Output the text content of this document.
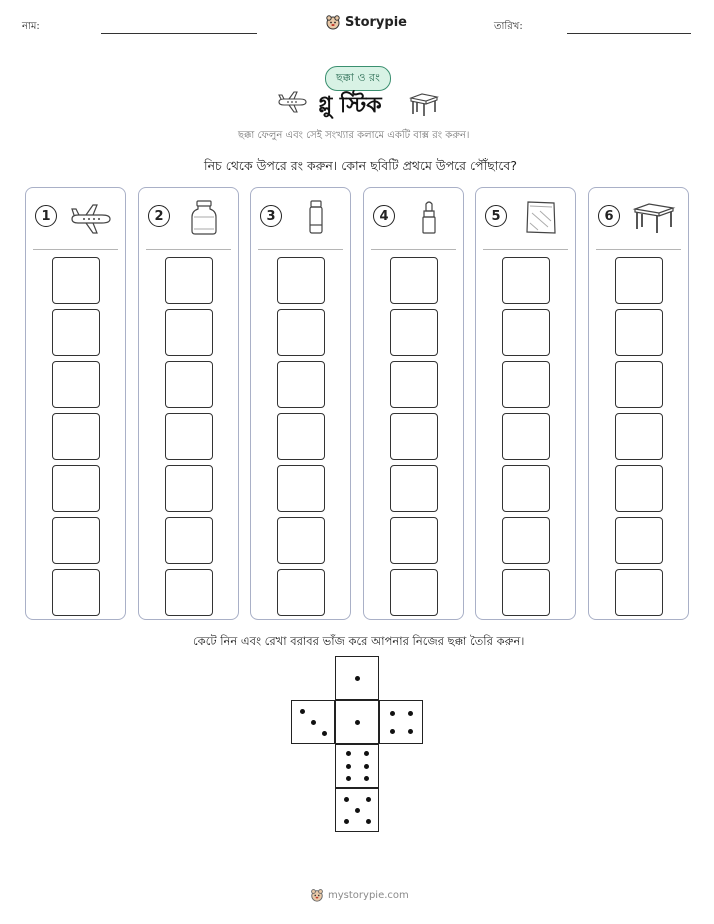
নাম:	Storypie	তারিখ:
ছক্কা ও রং
গ্লু স্টিক
ছক্কা ফেলুন এবং সেই সংখ্যার কলামে একটি বাক্স রং করুন।
নিচ থেকে উপরে রং করুন। কোন ছবিটি প্রথমে উপরে পৌঁছাবে?
1	2	3	4	5	6
কেটে নিন এবং রেখা বরাবর ভাঁজ করে আপনার নিজের ছক্কা তৈরি করুন।
mystorypie.com
